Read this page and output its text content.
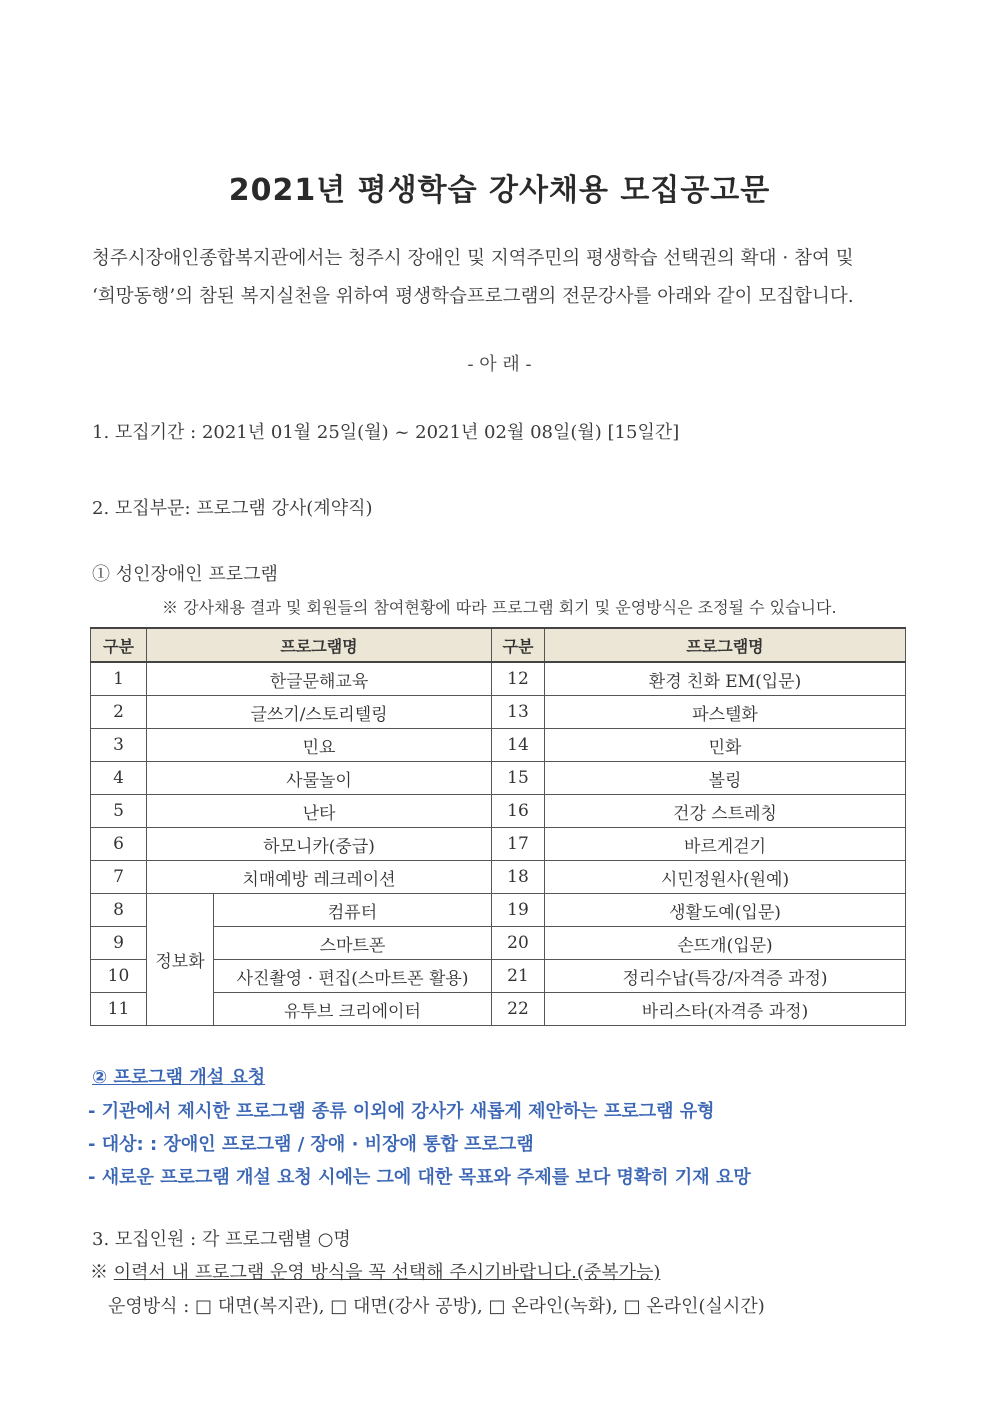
2021년 평생학습 강사채용 모집공고문

청주시장애인종합복지관에서는 청주시 장애인 및 지역주민의 평생학습 선택권의 확대 · 참여 및

‘희망동행’의 참된 복지실천을 위하여 평생학습프로그램의 전문강사를 아래와 같이 모집합니다.

- 아 래 -
1. 모집기간 : 2021년 01월 25일(월) ~ 2021년 02월 08일(월) [15일간]
2. 모집부문: 프로그램 강사(계약직)
① 성인장애인 프로그램
※ 강사채용 결과 및 회원들의 참여현황에 따라 프로그램 회기 및 운영방식은 조정될 수 있습니다.
구분	프로그램명		구분	프로그램명
1	한글문해교육		12	환경 친화 EM(입문)
2	글쓰기/스토리텔링		13	파스텔화
3	민요		14	민화
4	사물놀이		15	볼링
5	난타		16	건강 스트레칭
6	하모니카(중급)		17	바르게걷기
7	치매예방 레크레이션		18	시민정원사(원예)
8	정보화	컴퓨터	19	생활도예(입문)
9		스마트폰	20	손뜨개(입문)
10		사진촬영 · 편집(스마트폰 활용)	21	정리수납(특강/자격증 과정)
11		유투브 크리에이터	22	바리스타(자격증 과정)
② 프로그램 개설 요청
- 기관에서 제시한 프로그램 종류 이외에 강사가 새롭게 제안하는 프로그램 유형
- 대상: : 장애인 프로그램 / 장애 · 비장애 통합 프로그램
- 새로운 프로그램 개설 요청 시에는 그에 대한 목표와 주제를 보다 명확히 기재 요망
3. 모집인원 : 각 프로그램별 ○명
※ 이력서 내 프로그램 운영 방식을 꼭 선택해 주시기바랍니다.(중복가능)
운영방식 : □ 대면(복지관), □ 대면(강사 공방), □ 온라인(녹화), □ 온라인(실시간)
